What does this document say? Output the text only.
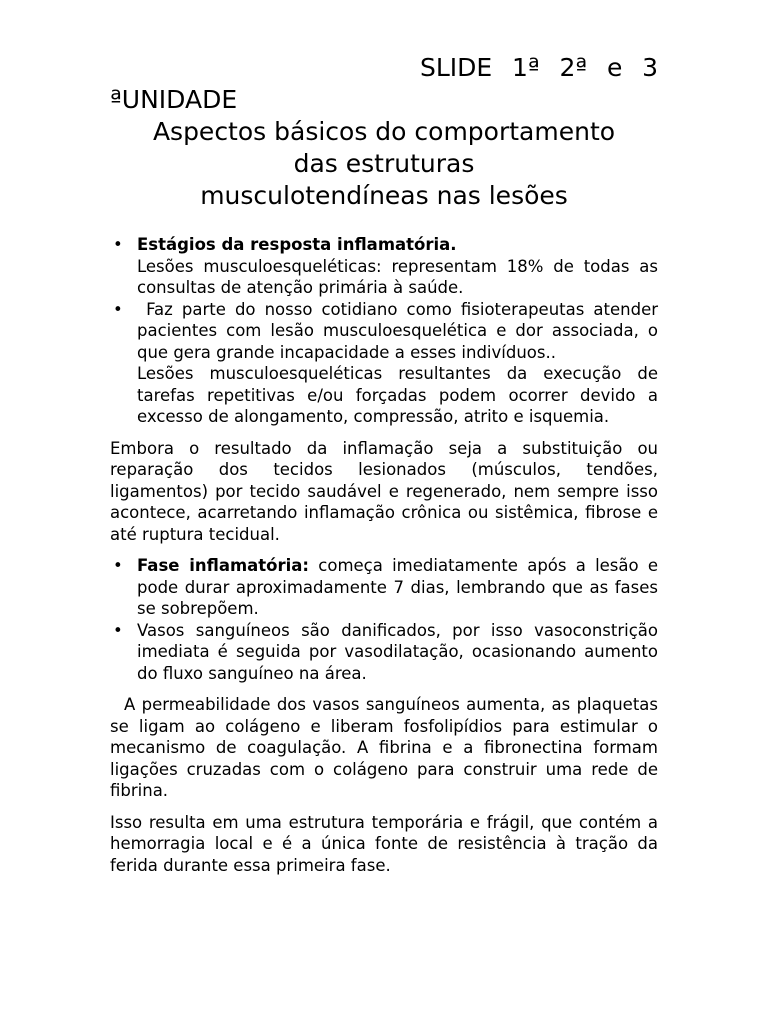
SLIDE 1ª 2ª e 3
ªUNIDADE
Aspectos básicos do comportamento
das estruturas
musculotendíneas nas lesões
• Estágios da resposta inflamatória.
Lesões musculoesqueléticas: representam 18% de todas as consultas de atenção primária à saúde.
• Faz parte do nosso cotidiano como fisioterapeutas atender pacientes com lesão musculoesquelética e dor associada, o que gera grande incapacidade a esses indivíduos..
Lesões musculoesqueléticas resultantes da execução de tarefas repetitivas e/ou forçadas podem ocorrer devido a excesso de alongamento, compressão, atrito e isquemia.

Embora o resultado da inflamação seja a substituição ou reparação dos tecidos lesionados (músculos, tendões, ligamentos) por tecido saudável e regenerado, nem sempre isso acontece, acarretando inflamação crônica ou sistêmica, fibrose e até ruptura tecidual.

• Fase inflamatória: começa imediatamente após a lesão e pode durar aproximadamente 7 dias, lembrando que as fases se sobrepõem.
• Vasos sanguíneos são danificados, por isso vasoconstrição imediata é seguida por vasodilatação, ocasionando aumento do fluxo sanguíneo na área.

A permeabilidade dos vasos sanguíneos aumenta, as plaquetas se ligam ao colágeno e liberam fosfolipídios para estimular o mecanismo de coagulação. A fibrina e a fibronectina formam ligações cruzadas com o colágeno para construir uma rede de fibrina.

Isso resulta em uma estrutura temporária e frágil, que contém a hemorragia local e é a única fonte de resistência à tração da ferida durante essa primeira fase.
